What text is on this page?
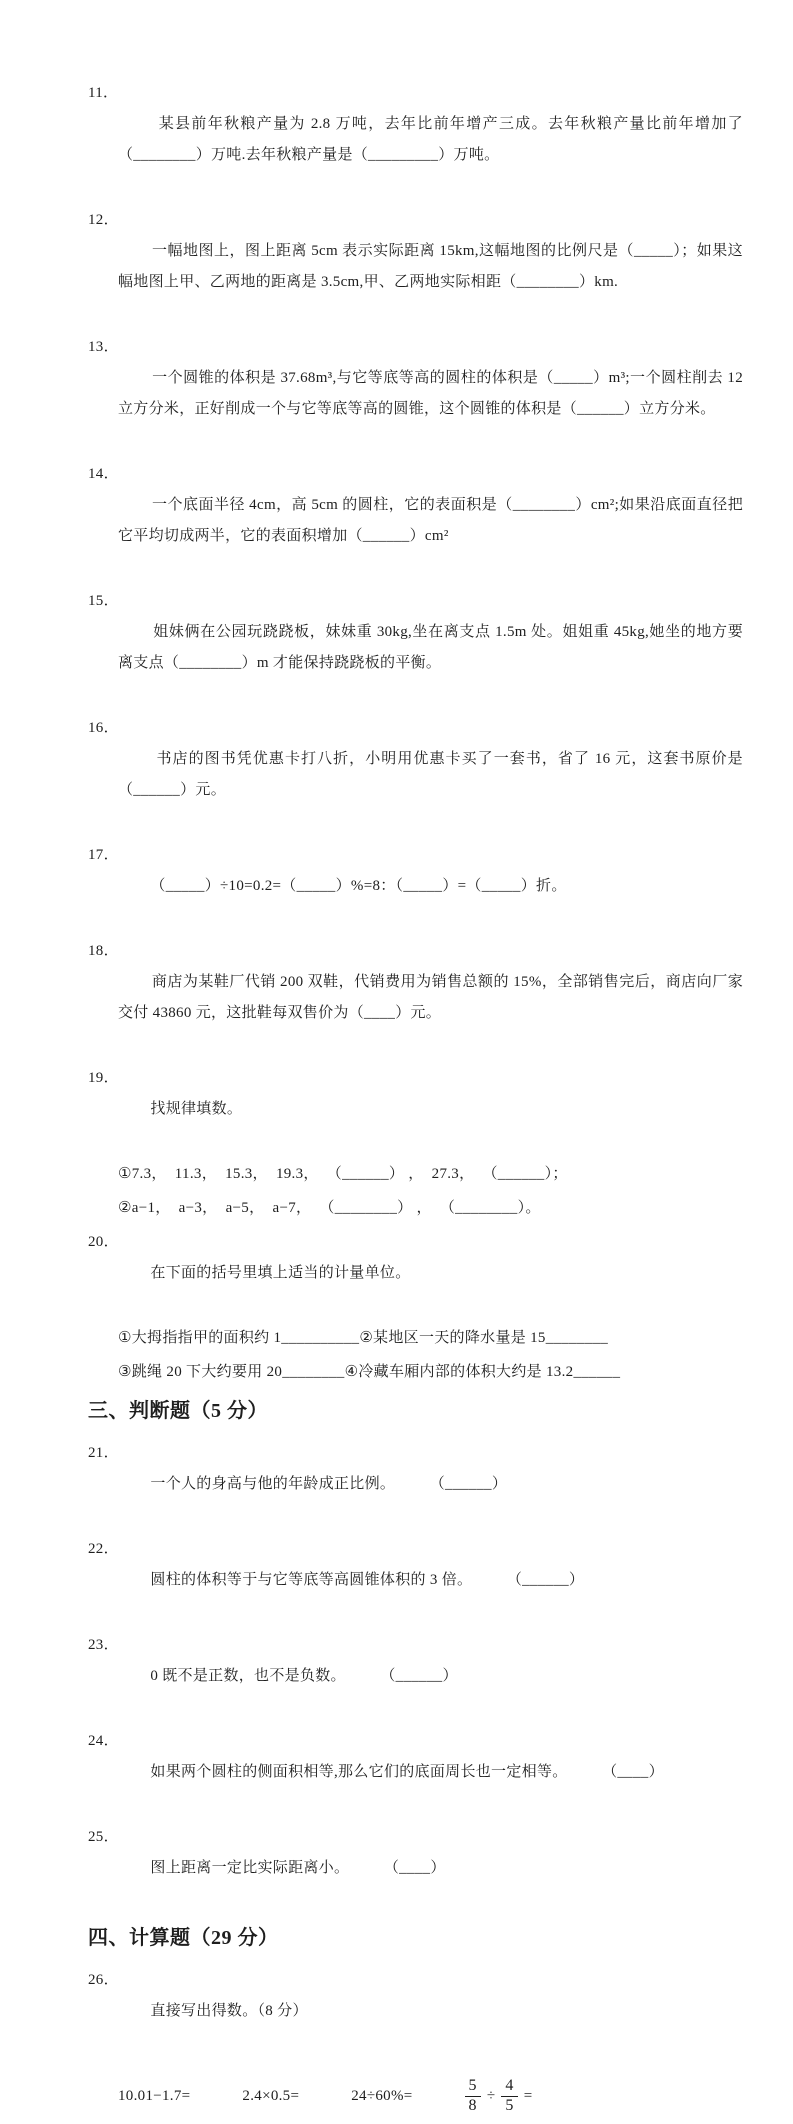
11．
某县前年秋粮产量为 2.8 万吨，去年比前年增产三成。去年秋粮产量比前年增加了（________）万吨.去年秋粮产量是（_________）万吨。

12．
一幅地图上，图上距离 5cm 表示实际距离 15km,这幅地图的比例尺是（_____）；如果这幅地图上甲、乙两地的距离是 3.5cm,甲、乙两地实际相距（________）km.

13．
一个圆锥的体积是 37.68m³,与它等底等高的圆柱的体积是（_____）m³;一个圆柱削去 12 立方分米，正好削成一个与它等底等高的圆锥，这个圆锥的体积是（______）立方分米。

14．
一个底面半径 4cm，高 5cm 的圆柱，它的表面积是（________）cm²;如果沿底面直径把它平均切成两半，它的表面积增加（______）cm²

15．
姐妹俩在公园玩跷跷板，妹妹重 30kg,坐在离支点 1.5m 处。姐姐重 45kg,她坐的地方要离支点（________）m 才能保持跷跷板的平衡。

16．
书店的图书凭优惠卡打八折，小明用优惠卡买了一套书，省了 16 元，这套书原价是（______）元。

17．
（_____）÷10=0.2=（_____）%=8：（_____）=（_____）折。

18．
商店为某鞋厂代销 200 双鞋，代销费用为销售总额的 15%，全部销售完后，商店向厂家交付 43860 元，这批鞋每双售价为（____）元。

19．
找规律填数。

①7.3，  11.3，  15.3，  19.3，  （______） ，  27.3，  （______）；

②a−1，  a−3，  a−5，  a−7，  （________） ，  （________）。

20．
在下面的括号里填上适当的计量单位。

①大拇指指甲的面积约 1__________ ②某地区一天的降水量是 15________
③跳绳 20 下大约要用 20________ ④冷藏车厢内部的体积大约是 13.2______
三、判断题（5 分）

21．
一个人的身高与他的年龄成正比例。	（______）

22．
圆柱的体积等于与它等底等高圆锥体积的 3 倍。	（______）

23．
0 既不是正数，也不是负数。	（______）

24．
如果两个圆柱的侧面积相等,那么它们的底面周长也一定相等。	（____）

25．
图上距离一定比实际距离小。	（____）

四、计算题（29 分）

26．
直接写出得数。（8 分）

10.01−1.7=	2.4×0.5=	24÷60%=	$\frac{5}{8} \div \frac{4}{5}$ =
